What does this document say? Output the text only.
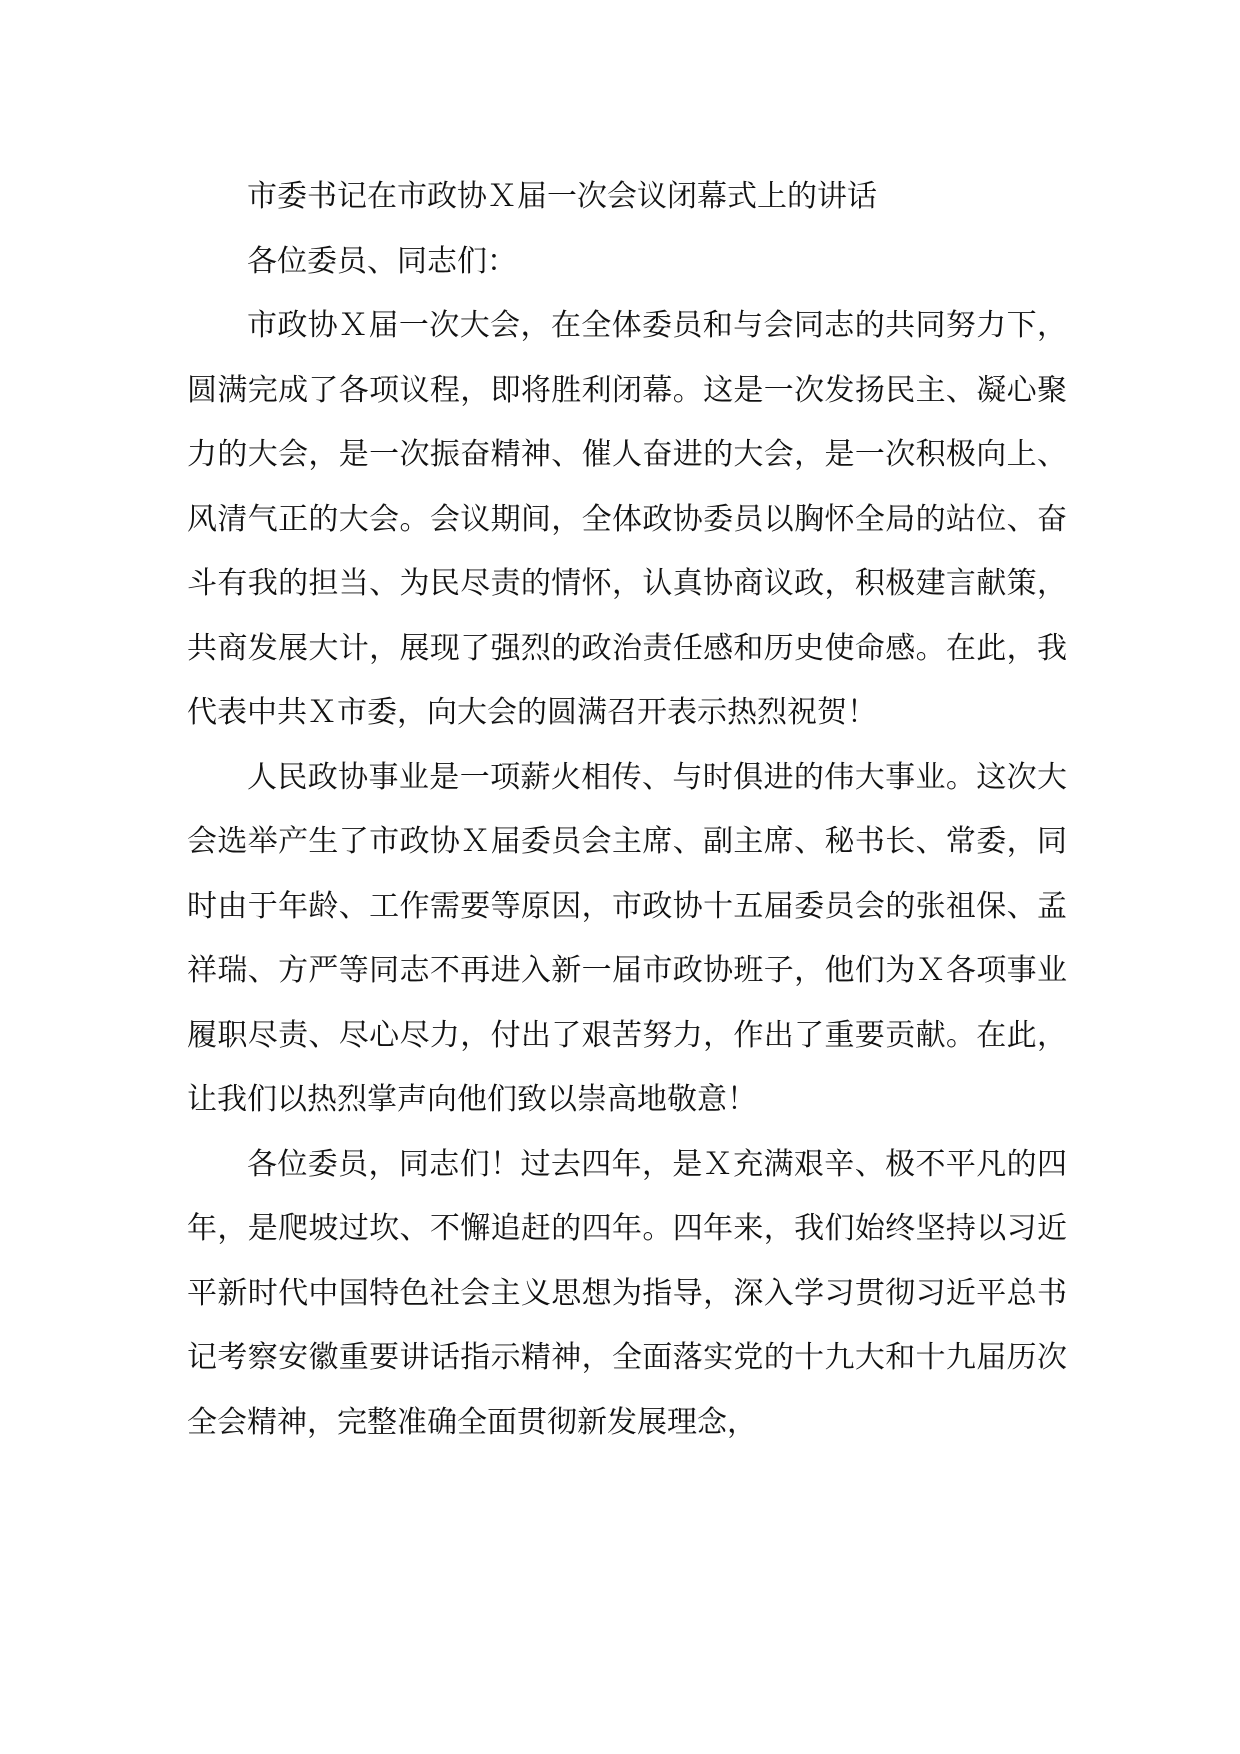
市委书记在市政协Ｘ届一次会议闭幕式上的讲话

各位委员、同志们：

市政协Ｘ届一次大会，在全体委员和与会同志的共同努力下，圆满完成了各项议程，即将胜利闭幕。这是一次发扬民主、凝心聚力的大会，是一次振奋精神、催人奋进的大会，是一次积极向上、风清气正的大会。会议期间，全体政协委员以胸怀全局的站位、奋斗有我的担当、为民尽责的情怀，认真协商议政，积极建言献策，共商发展大计，展现了强烈的政治责任感和历史使命感。在此，我代表中共Ｘ市委，向大会的圆满召开表示热烈祝贺！

人民政协事业是一项薪火相传、与时俱进的伟大事业。这次大会选举产生了市政协Ｘ届委员会主席、副主席、秘书长、常委，同时由于年龄、工作需要等原因，市政协十五届委员会的张祖保、孟祥瑞、方严等同志不再进入新一届市政协班子，他们为Ｘ各项事业履职尽责、尽心尽力，付出了艰苦努力，作出了重要贡献。在此，让我们以热烈掌声向他们致以崇高地敬意！

各位委员，同志们！过去四年，是Ｘ充满艰辛、极不平凡的四年，是爬坡过坎、不懈追赶的四年。四年来，我们始终坚持以习近平新时代中国特色社会主义思想为指导，深入学习贯彻习近平总书记考察安徽重要讲话指示精神，全面落实党的十九大和十九届历次全会精神，完整准确全面贯彻新发展理念，
